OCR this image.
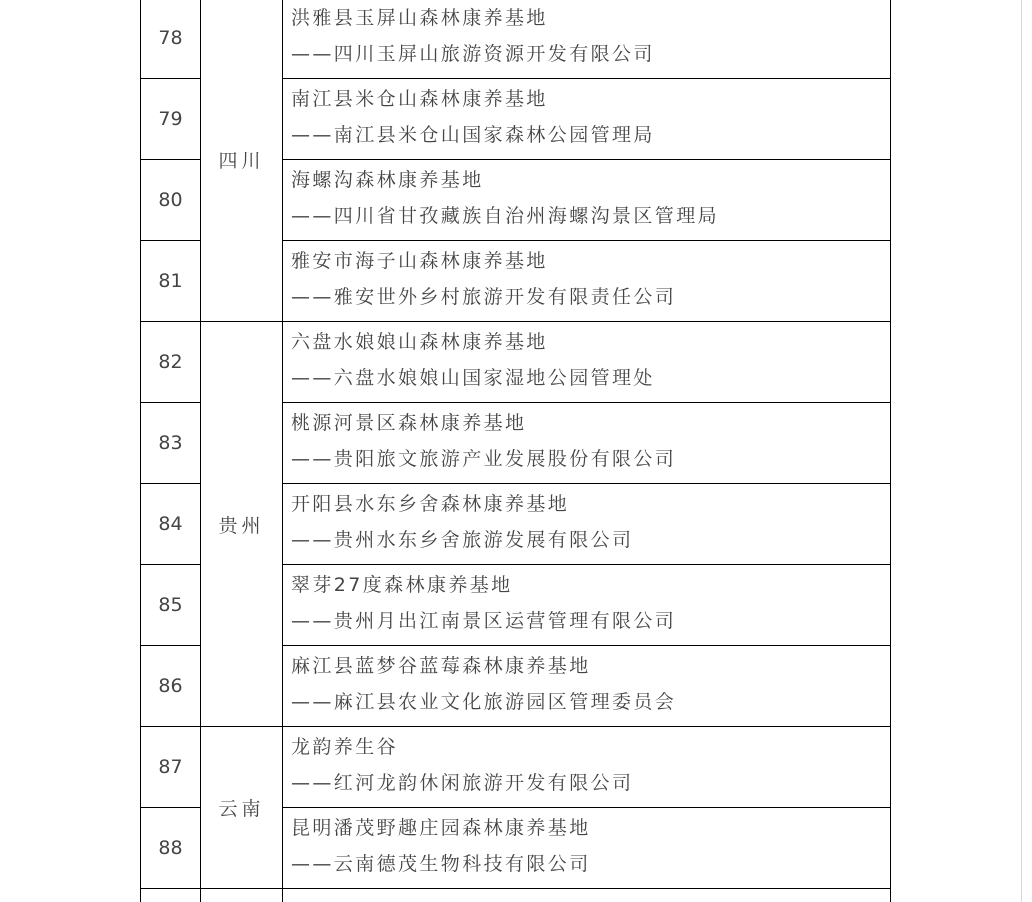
78	四川	洪雅县玉屏山森林康养基地
——四川玉屏山旅游资源开发有限公司

79		南江县米仓山森林康养基地
——南江县米仓山国家森林公园管理局

80		海螺沟森林康养基地
——四川省甘孜藏族自治州海螺沟景区管理局

81		雅安市海子山森林康养基地
——雅安世外乡村旅游开发有限责任公司

82	贵州	六盘水娘娘山森林康养基地
——六盘水娘娘山国家湿地公园管理处

83		桃源河景区森林康养基地
——贵阳旅文旅游产业发展股份有限公司

84		开阳县水东乡舍森林康养基地
——贵州水东乡舍旅游发展有限公司

85		翠芽27度森林康养基地
——贵州月出江南景区运营管理有限公司

86		麻江县蓝梦谷蓝莓森林康养基地
——麻江县农业文化旅游园区管理委员会

87	云南	龙韵养生谷
——红河龙韵休闲旅游开发有限公司

88		昆明潘茂野趣庄园森林康养基地
——云南德茂生物科技有限公司
